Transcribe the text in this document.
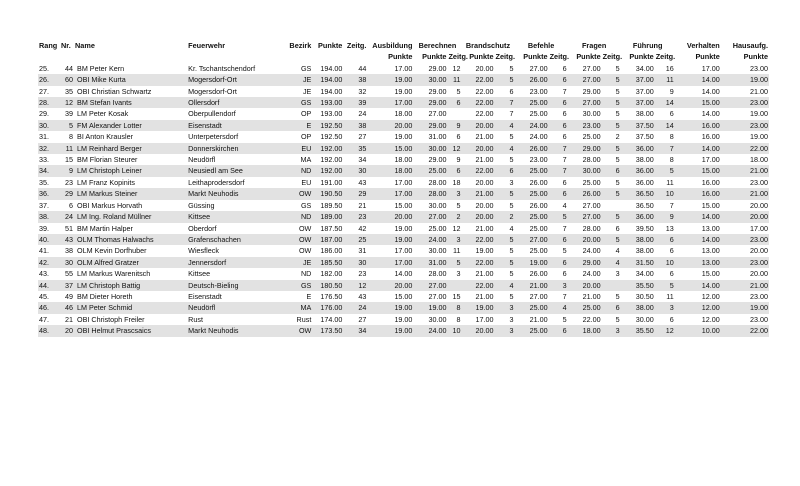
Rang	Nr.	Name	Feuerwehr	Bezirk	Punkte	Zeitg.	Ausbildung	Berechnen		Brandschutz		Befehle		Fragen		Führung		Verhalten	Hausaufg.
							Punkte	Punkte	Zeitg.	Punkte	Zeitg.	Punkte	Zeitg.	Punkte	Zeitg.	Punkte	Zeitg.	Punkte	Punkte
25.	44	BM Peter Kern	Kr. Tschantschendorf	GS	194.00	44	17.00	29.00	12	20.00	5	27.00	6	27.00	5	34.00	16	17.00	23.00
26.	60	OBI Mike Kurta	Mogersdorf-Ort	JE	194.00	38	19.00	30.00	11	22.00	5	26.00	6	27.00	5	37.00	11	14.00	19.00
27.	35	OBI Christian Schwartz	Mogersdorf-Ort	JE	194.00	32	19.00	29.00	5	22.00	6	23.00	7	29.00	5	37.00	9	14.00	21.00
28.	12	BM Stefan Ivants	Ollersdorf	GS	193.00	39	17.00	29.00	6	22.00	7	25.00	6	27.00	5	37.00	14	15.00	23.00
29.	39	LM Peter Kosak	Oberpullendorf	OP	193.00	24	18.00	27.00		22.00	7	25.00	6	30.00	5	38.00	6	14.00	19.00
30.	5	FM Alexander Lotter	Eisenstadt	E	192.50	38	20.00	29.00	9	20.00	4	24.00	6	23.00	5	37.50	14	16.00	23.00
31.	8	BI Anton Krausler	Unterpetersdorf	OP	192.50	27	19.00	31.00	6	21.00	5	24.00	6	25.00	2	37.50	8	16.00	19.00
32.	11	LM Reinhard Berger	Donnerskirchen	EU	192.00	35	15.00	30.00	12	20.00	4	26.00	7	29.00	5	36.00	7	14.00	22.00
33.	15	BM Florian Steurer	Neudörfl	MA	192.00	34	18.00	29.00	9	21.00	5	23.00	7	28.00	5	38.00	8	17.00	18.00
34.	9	LM Christoph Leiner	Neusiedl am See	ND	192.00	30	18.00	25.00	6	22.00	6	25.00	7	30.00	6	36.00	5	15.00	21.00
35.	23	LM Franz Kopinits	Leithaprodersdorf	EU	191.00	43	17.00	28.00	18	20.00	3	26.00	6	25.00	5	36.00	11	16.00	23.00
36.	29	LM Markus Steiner	Markt Neuhodis	OW	190.50	29	17.00	28.00	3	21.00	5	25.00	6	26.00	5	36.50	10	16.00	21.00
37.	6	OBI Markus Horvath	Güssing	GS	189.50	21	15.00	30.00	5	20.00	5	26.00	4	27.00		36.50	7	15.00	20.00
38.	24	LM Ing. Roland Müllner	Kittsee	ND	189.00	23	20.00	27.00	2	20.00	2	25.00	5	27.00	5	36.00	9	14.00	20.00
39.	51	BM Martin Halper	Oberdorf	OW	187.50	42	19.00	25.00	12	21.00	4	25.00	7	28.00	6	39.50	13	13.00	17.00
40.	43	OLM Thomas Halwachs	Grafenschachen	OW	187.00	25	19.00	24.00	3	22.00	5	27.00	6	20.00	5	38.00	6	14.00	23.00
41.	38	OLM Kevin Dorfhuber	Wiesfleck	OW	186.00	31	17.00	30.00	11	19.00	5	25.00	5	24.00	4	38.00	6	13.00	20.00
42.	30	OLM Alfred Gratzer	Jennersdorf	JE	185.50	30	17.00	31.00	5	22.00	5	19.00	6	29.00	4	31.50	10	13.00	23.00
43.	55	LM Markus Warenitsch	Kittsee	ND	182.00	23	14.00	28.00	3	21.00	5	26.00	6	24.00	3	34.00	6	15.00	20.00
44.	37	LM Christoph Battig	Deutsch-Bieling	GS	180.50	12	20.00	27.00		22.00	4	21.00	3	20.00		35.50	5	14.00	21.00
45.	49	BM Dieter Horeth	Eisenstadt	E	176.50	43	15.00	27.00	15	21.00	5	27.00	7	21.00	5	30.50	11	12.00	23.00
46.	46	LM Peter Schmid	Neudörfl	MA	176.00	24	19.00	19.00	8	19.00	3	25.00	4	25.00	6	38.00	3	12.00	19.00
47.	21	OBI Christoph Freiler	Rust	Rust	174.00	27	19.00	30.00	8	17.00	3	21.00	5	22.00	5	30.00	6	12.00	23.00
48.	20	OBI Helmut Prascsaics	Markt Neuhodis	OW	173.50	34	19.00	24.00	10	20.00	3	25.00	6	18.00	3	35.50	12	10.00	22.00
